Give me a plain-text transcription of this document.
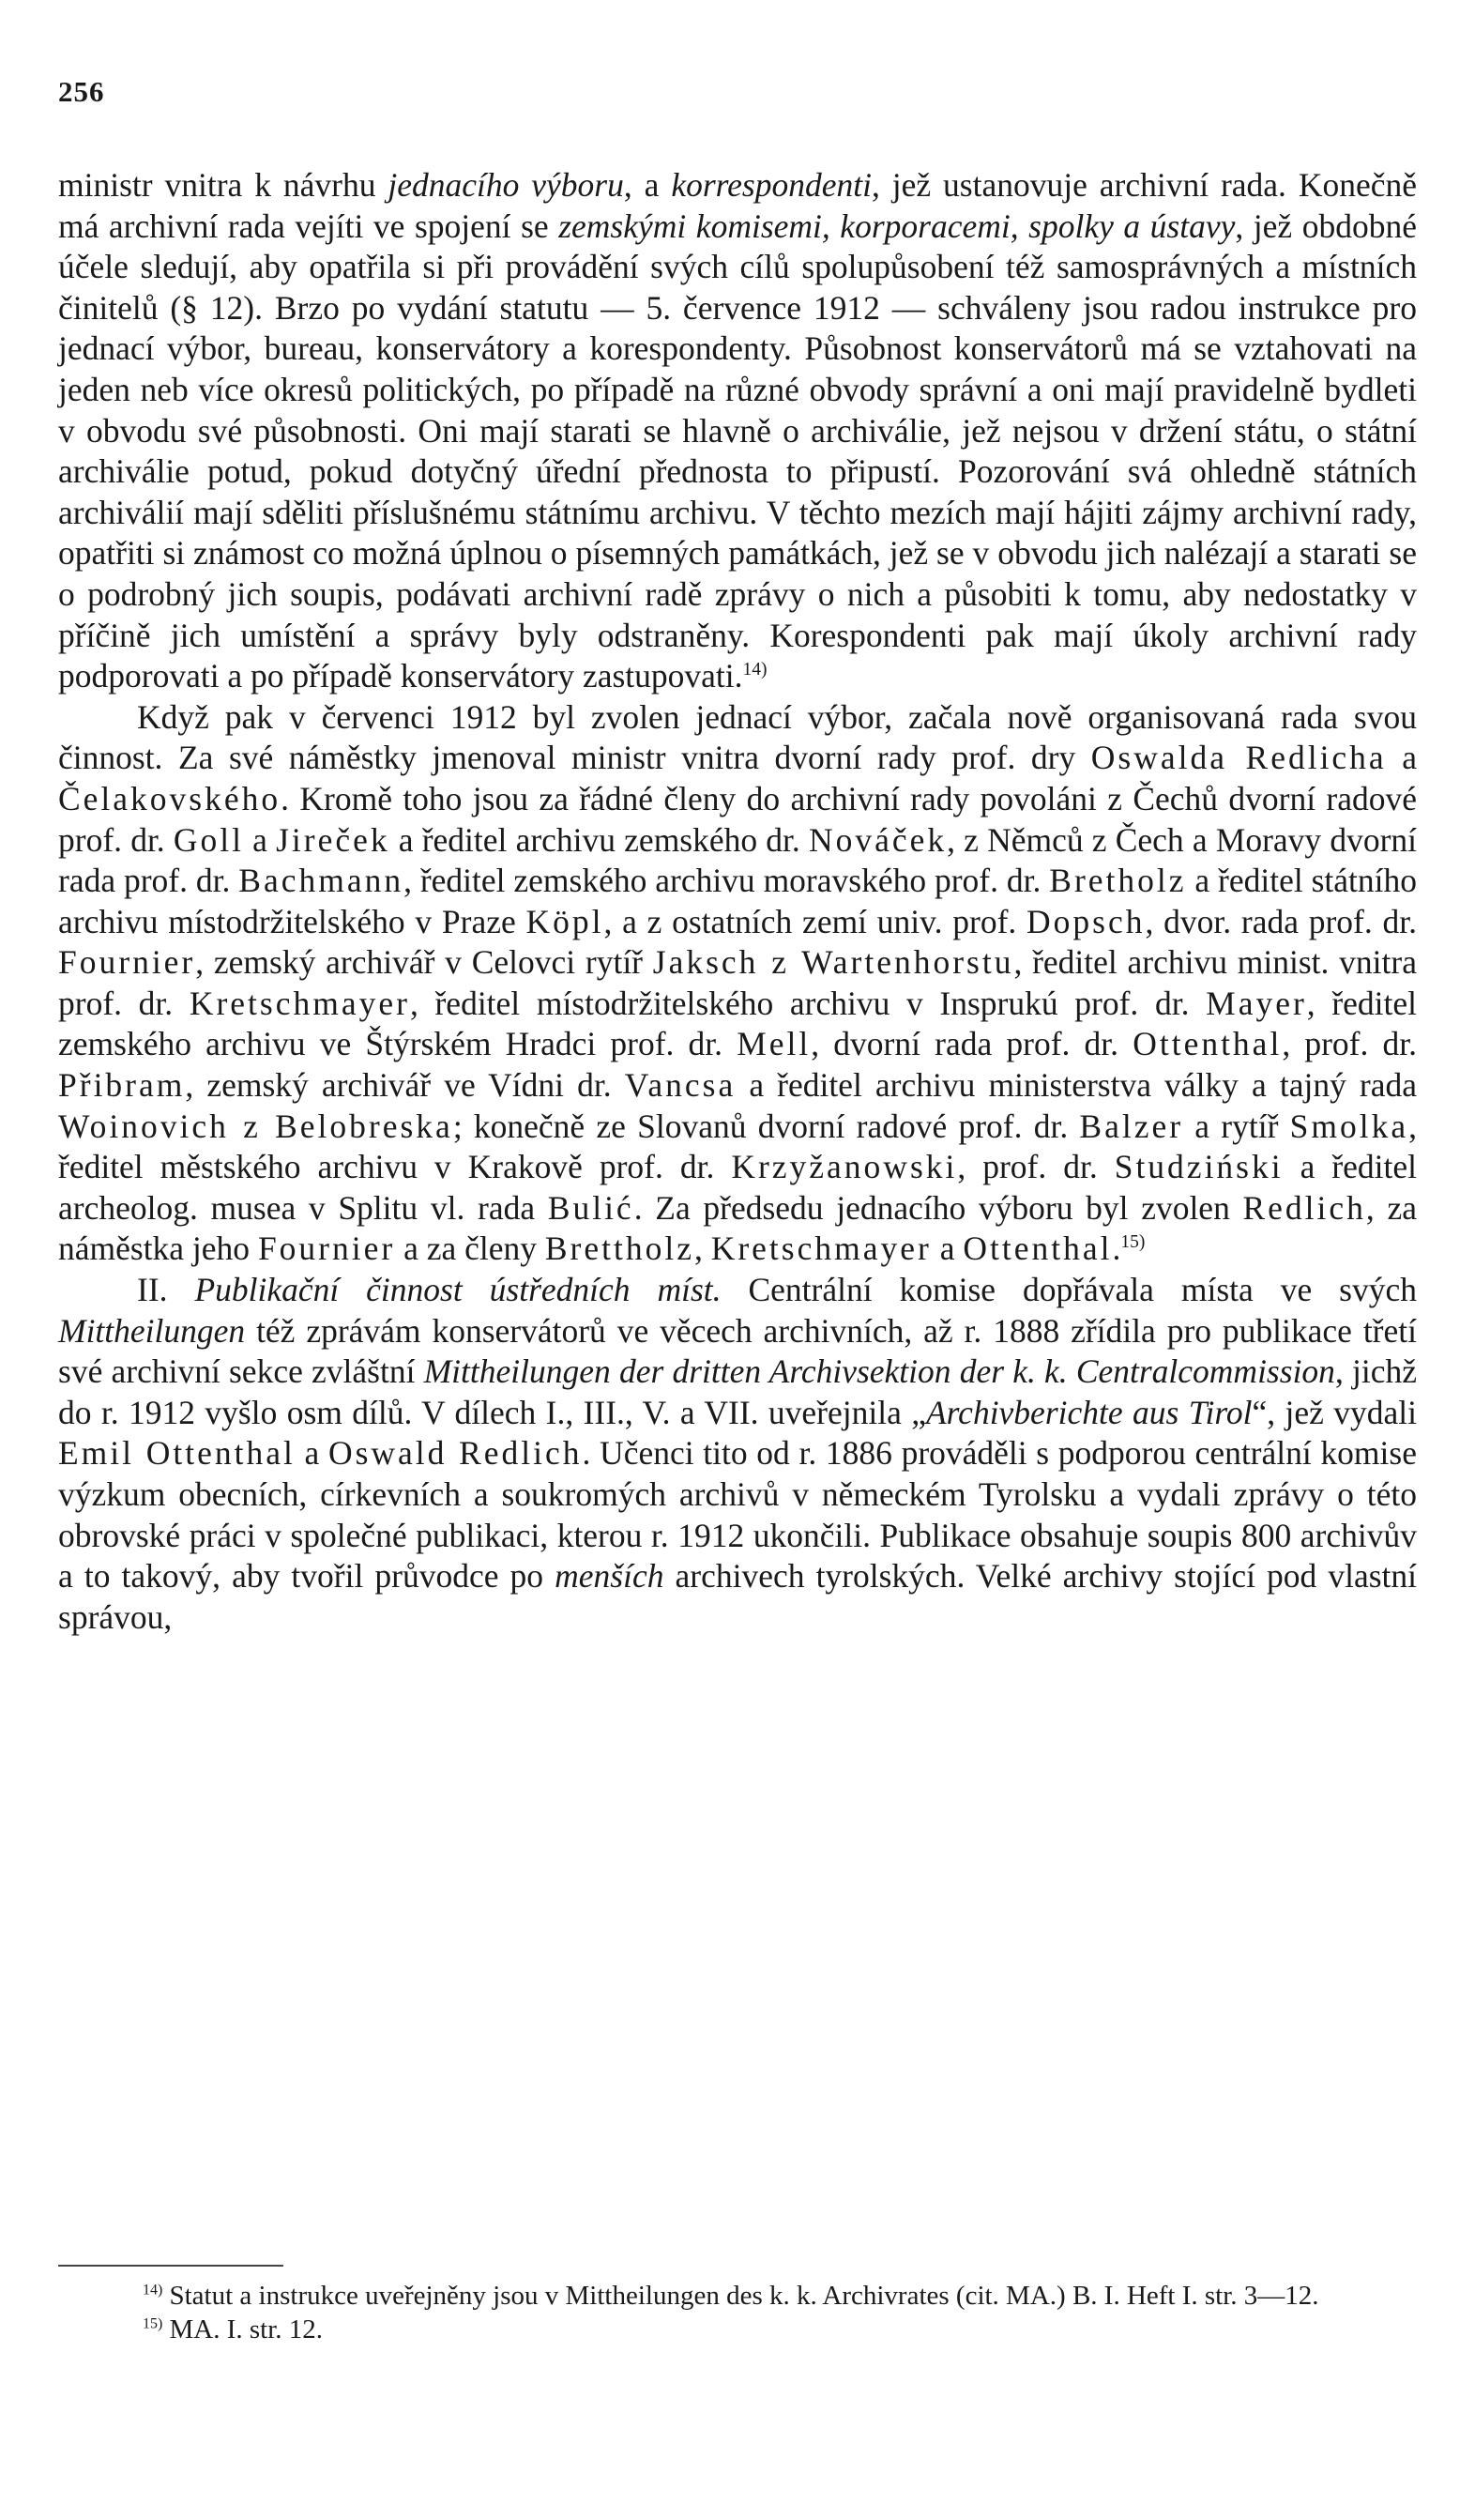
256

ministr vnitra k návrhu jednacího výboru, a korrespondenti, jež ustanovuje archivní rada. Konečně má archivní rada vejíti ve spojení se zemskými komisemi, korporacemi, spolky a ústavy, jež obdobné účele sledují, aby opatřila si při provádění svých cílů spolupůsobení též samosprávných a místních činitelů (§ 12). Brzo po vydání statutu — 5. července 1912 — schváleny jsou radou instrukce pro jednací výbor, bureau, konservátory a korespondenty. Působnost konservátorů má se vztahovati na jeden neb více okresů politických, po případě na různé obvody správní a oni mají pravidelně bydleti v obvodu své působnosti. Oni mají starati se hlavně o archiválie, jež nejsou v držení státu, o státní archiválie potud, pokud dotyčný úřední přednosta to připustí. Pozorování svá ohledně státních archiválií mají sděliti příslušnému státnímu archivu. V těchto mezích mají hájiti zájmy archivní rady, opatřiti si známost co možná úplnou o písemných památkách, jež se v obvodu jich nalézají a starati se o podrobný jich soupis, podávati archivní radě zprávy o nich a působiti k tomu, aby nedostatky v příčině jich umístění a správy byly odstraněny. Korespondenti pak mají úkoly archivní rady podporovati a po případě konservátory zastupovati.$^{14)}$

Když pak v červenci 1912 byl zvolen jednací výbor, začala nově organisovaná rada svou činnost. Za své náměstky jmenoval ministr vnitra dvorní rady prof. dry Oswalda Redlicha a Čelakovského. Kromě toho jsou za řádné členy do archivní rady povoláni z Čechů dvorní radové prof. dr. Goll a Jireček a ředitel archivu zemského dr. Nováček, z Němců z Čech a Moravy dvorní rada prof. dr. Bachmann, ředitel zemského archivu moravského prof. dr. Bretholz a ředitel státního archivu místodržitelského v Praze Köpl, a z ostatních zemí univ. prof. Dopsch, dvor. rada prof. dr. Fournier, zemský archivář v Celovci rytíř Jaksch z Wartenhorstu, ředitel archivu minist. vnitra prof. dr. Kretschmayer, ředitel místodržitelského archivu v Insprukú prof. dr. Mayer, ředitel zemského archivu ve Štýrském Hradci prof. dr. Mell, dvorní rada prof. dr. Ottenthal, prof. dr. Přibram, zemský archivář ve Vídni dr. Vancsa a ředitel archivu ministerstva války a tajný rada Woinovich z Belobreska; konečně ze Slovanů dvorní radové prof. dr. Balzer a rytíř Smolka, ředitel městského archivu v Krakově prof. dr. Krzyžanowski, prof. dr. Studziński a ředitel archeolog. musea v Splitu vl. rada Bulić. Za předsedu jednacího výboru byl zvolen Redlich, za náměstka jeho Fournier a za členy Brettholz, Kretschmayer a Ottenthal.$^{15)}$

II. Publikační činnost ústředních míst. Centrální komise dopřávala místa ve svých Mittheilungen též zprávám konservátorů ve věcech archivních, až r. 1888 zřídila pro publikace třetí své archivní sekce zvláštní Mittheilungen der dritten Archivsektion der k. k. Centralcommission, jichž do r. 1912 vyšlo osm dílů. V dílech I., III., V. a VII. uveřejnila „Archivberichte aus Tirol“, jež vydali Emil Ottenthal a Oswald Redlich. Učenci tito od r. 1886 prováděli s podporou centrální komise výzkum obecních, církevních a soukromých archivů v německém Tyrolsku a vydali zprávy o této obrovské práci v společné publikaci, kterou r. 1912 ukončili. Publikace obsahuje soupis 800 archivův a to takový, aby tvořil průvodce po menších archivech tyrolských. Velké archivy stojící pod vlastní správou,

$^{14)}$ Statut a instrukce uveřejněny jsou v Mittheilungen des k. k. Archivrates (cit. MA.) B. I. Heft I. str. 3—12.

$^{15)}$ MA. I. str. 12.
